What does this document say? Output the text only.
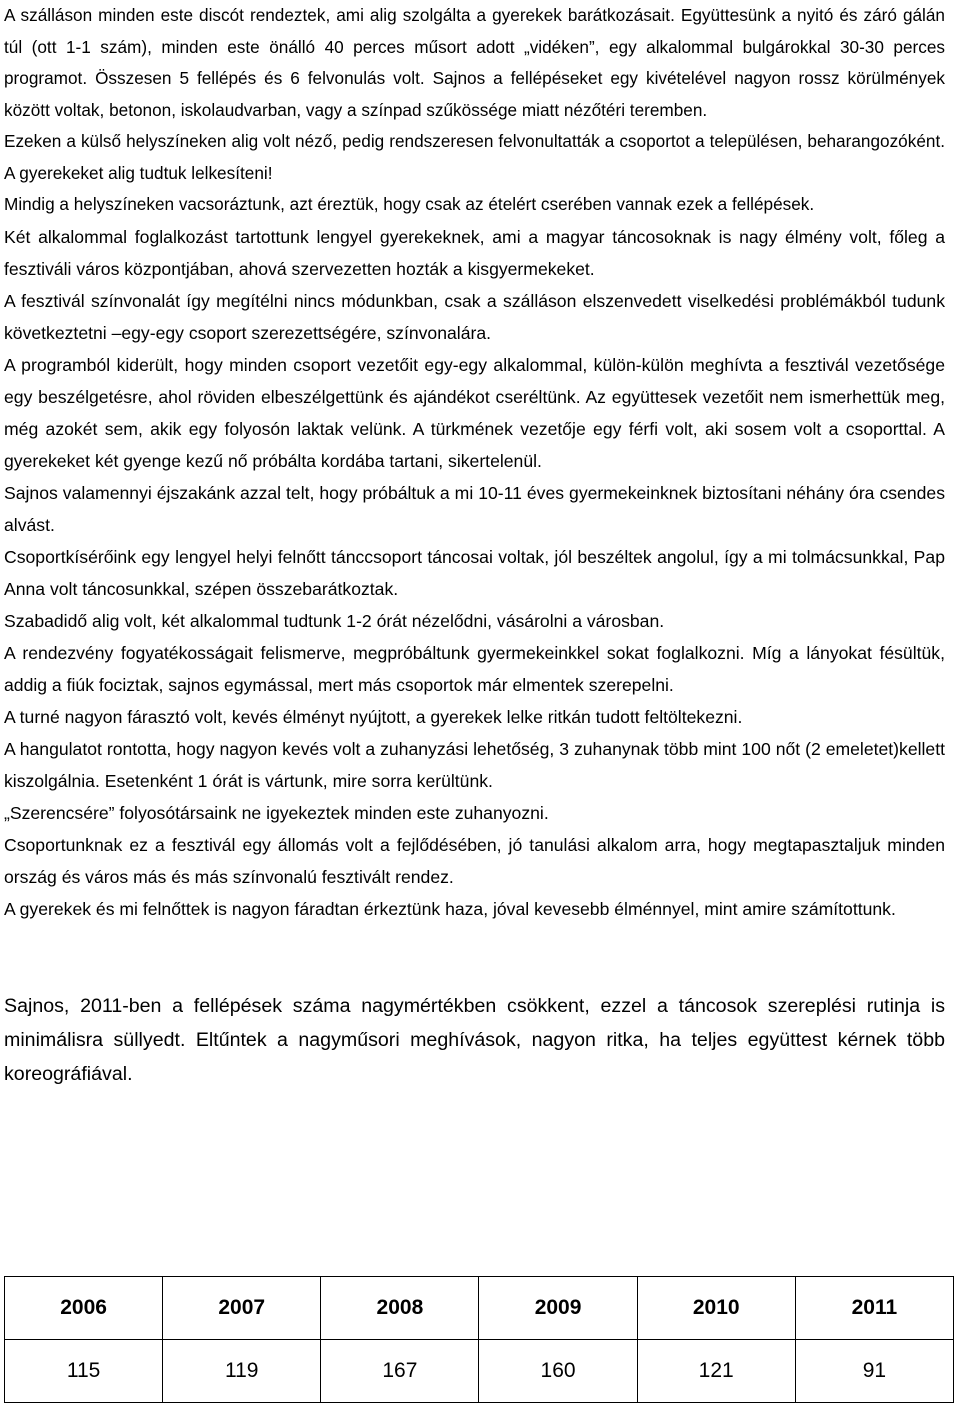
A szálláson minden este discót rendeztek, ami alig szolgálta a gyerekek barátkozásait. Együttesünk a nyitó és záró gálán túl (ott 1-1 szám), minden este önálló 40 perces műsort adott „vidéken”, egy alkalommal bulgárokkal 30-30 perces programot. Összesen 5 fellépés és 6 felvonulás volt. Sajnos a fellépéseket egy kivételével nagyon rossz körülmények között voltak, betonon, iskolaudvarban, vagy a színpad szűkössége miatt nézőtéri teremben.

Ezeken a külső helyszíneken alig volt néző, pedig rendszeresen felvonultatták a csoportot a településen, beharangozóként. A gyerekeket alig tudtuk lelkesíteni!

Mindig a helyszíneken vacsoráztunk, azt éreztük, hogy csak az ételért cserében vannak ezek a fellépések.

Két alkalommal foglalkozást tartottunk lengyel gyerekeknek, ami a magyar táncosoknak is nagy élmény volt, főleg a fesztiváli város központjában, ahová szervezetten hozták a kisgyermekeket.

A fesztivál színvonalát így megítélni nincs módunkban, csak a szálláson elszenvedett viselkedési problémákból tudunk következtetni –egy-egy csoport szerezettségére, színvonalára.

A programból kiderült, hogy minden csoport vezetőit egy-egy alkalommal, külön-külön meghívta a fesztivál vezetősége egy beszélgetésre, ahol röviden elbeszélgettünk és ajándékot cseréltünk. Az együttesek vezetőit nem ismerhettük meg, még azokét sem, akik egy folyosón laktak velünk. A türkmének vezetője egy férfi volt, aki sosem volt a csoporttal. A gyerekeket két gyenge kezű nő próbálta kordába tartani, sikertelenül.

Sajnos valamennyi éjszakánk azzal telt, hogy próbáltuk a mi 10-11 éves gyermekeinknek biztosítani néhány óra csendes alvást.

Csoportkísérőink egy lengyel helyi felnőtt tánccsoport táncosai voltak, jól beszéltek angolul, így a mi tolmácsunkkal, Pap Anna volt táncosunkkal, szépen összebarátkoztak.

Szabadidő alig volt, két alkalommal tudtunk 1-2 órát nézelődni, vásárolni a városban.

A rendezvény fogyatékosságait felismerve, megpróbáltunk gyermekeinkkel sokat foglalkozni. Míg a lányokat fésültük, addig a fiúk fociztak, sajnos egymással, mert más csoportok már elmentek szerepelni.

A turné nagyon fárasztó volt, kevés élményt nyújtott, a gyerekek lelke ritkán tudott feltöltekezni.

A hangulatot rontotta, hogy nagyon kevés volt a zuhanyzási lehetőség, 3 zuhanynak több mint 100 nőt (2 emeletet)kellett kiszolgálnia. Esetenként 1 órát is vártunk, mire sorra kerültünk.

„Szerencsére” folyosótársaink ne igyekeztek minden este zuhanyozni.

Csoportunknak ez a fesztivál egy állomás volt a fejlődésében, jó tanulási alkalom arra, hogy megtapasztaljuk minden ország és város más és más színvonalú fesztivált rendez.

A gyerekek és mi felnőttek is nagyon fáradtan érkeztünk haza, jóval kevesebb élménnyel, mint amire számítottunk.

Sajnos, 2011-ben a fellépések száma nagymértékben csökkent, ezzel a táncosok szereplési rutinja is minimálisra süllyedt. Eltűntek a nagyműsori meghívások, nagyon ritka, ha teljes együttest kérnek több koreográfiával.

2006	2007	2008	2009	2010	2011
115	119	167	160	121	91
